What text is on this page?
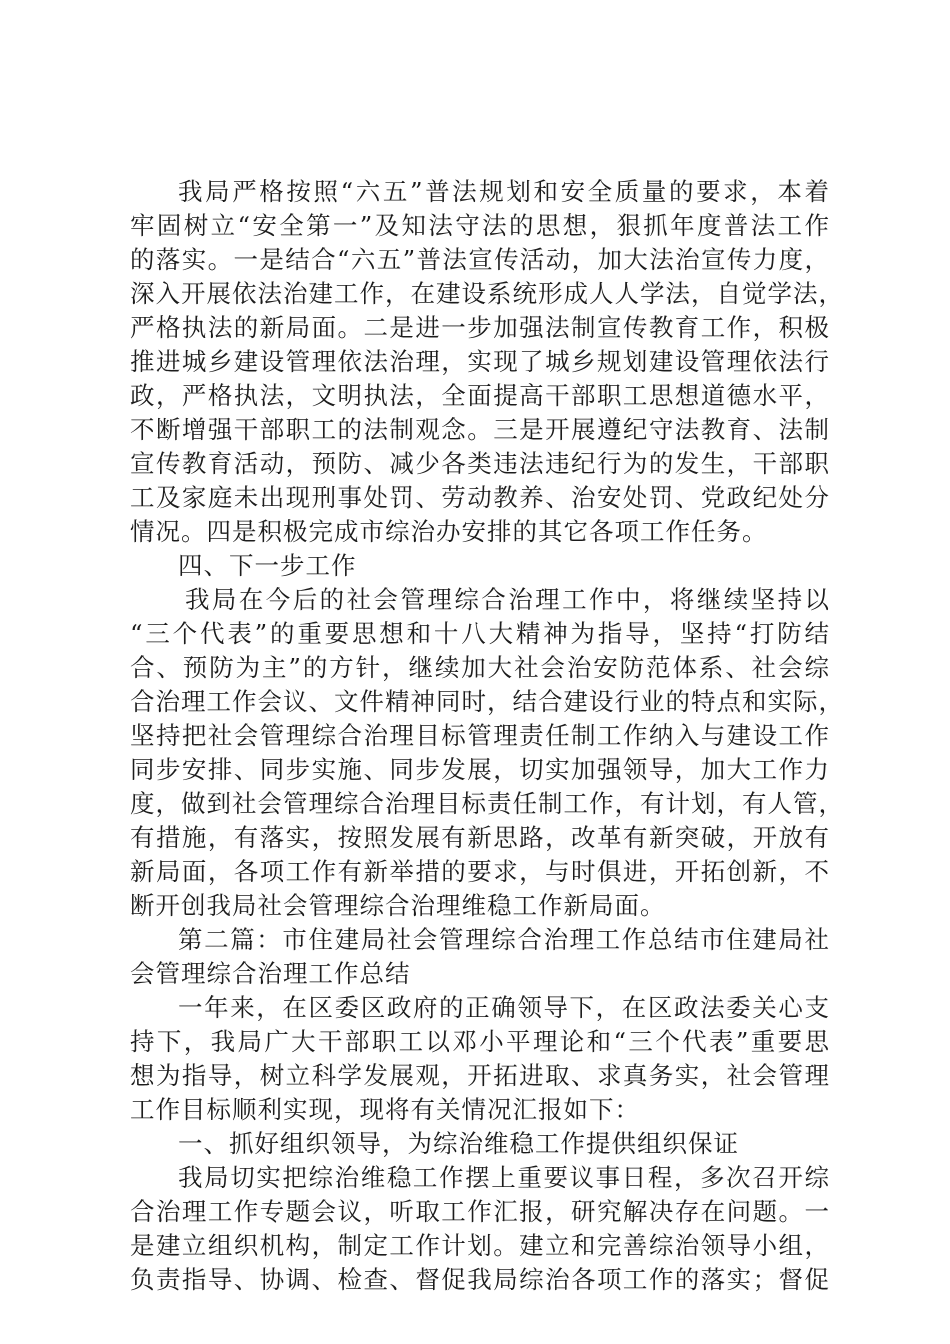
我局严格按照“六五”普法规划和安全质量的要求，本着
牢固树立“安全第一”及知法守法的思想，狠抓年度普法工作
的落实。一是结合“六五”普法宣传活动，加大法治宣传力度，
深入开展依法治建工作，在建设系统形成人人学法，自觉学法，
严格执法的新局面。二是进一步加强法制宣传教育工作，积极
推进城乡建设管理依法治理，实现了城乡规划建设管理依法行
政，严格执法，文明执法，全面提高干部职工思想道德水平，
不断增强干部职工的法制观念。三是开展遵纪守法教育、法制
宣传教育活动，预防、减少各类违法违纪行为的发生，干部职
工及家庭未出现刑事处罚、劳动教养、治安处罚、党政纪处分
情况。四是积极完成市综治办安排的其它各项工作任务。
四、下一步工作
我局在今后的社会管理综合治理工作中，将继续坚持以
“三个代表”的重要思想和十八大精神为指导，坚持“打防结
合、预防为主”的方针，继续加大社会治安防范体系、社会综
合治理工作会议、文件精神同时，结合建设行业的特点和实际，
坚持把社会管理综合治理目标管理责任制工作纳入与建设工作
同步安排、同步实施、同步发展，切实加强领导，加大工作力
度，做到社会管理综合治理目标责任制工作，有计划，有人管，
有措施，有落实，按照发展有新思路，改革有新突破，开放有
新局面，各项工作有新举措的要求，与时俱进，开拓创新，不
断开创我局社会管理综合治理维稳工作新局面。
第二篇：市住建局社会管理综合治理工作总结市住建局社
会管理综合治理工作总结
一年来，在区委区政府的正确领导下，在区政法委关心支
持下，我局广大干部职工以邓小平理论和“三个代表”重要思
想为指导，树立科学发展观，开拓进取、求真务实，社会管理
工作目标顺利实现，现将有关情况汇报如下：
一、抓好组织领导，为综治维稳工作提供组织保证
我局切实把综治维稳工作摆上重要议事日程，多次召开综
合治理工作专题会议，听取工作汇报，研究解决存在问题。一
是建立组织机构，制定工作计划。建立和完善综治领导小组，
负责指导、协调、检查、督促我局综治各项工作的落实；督促
